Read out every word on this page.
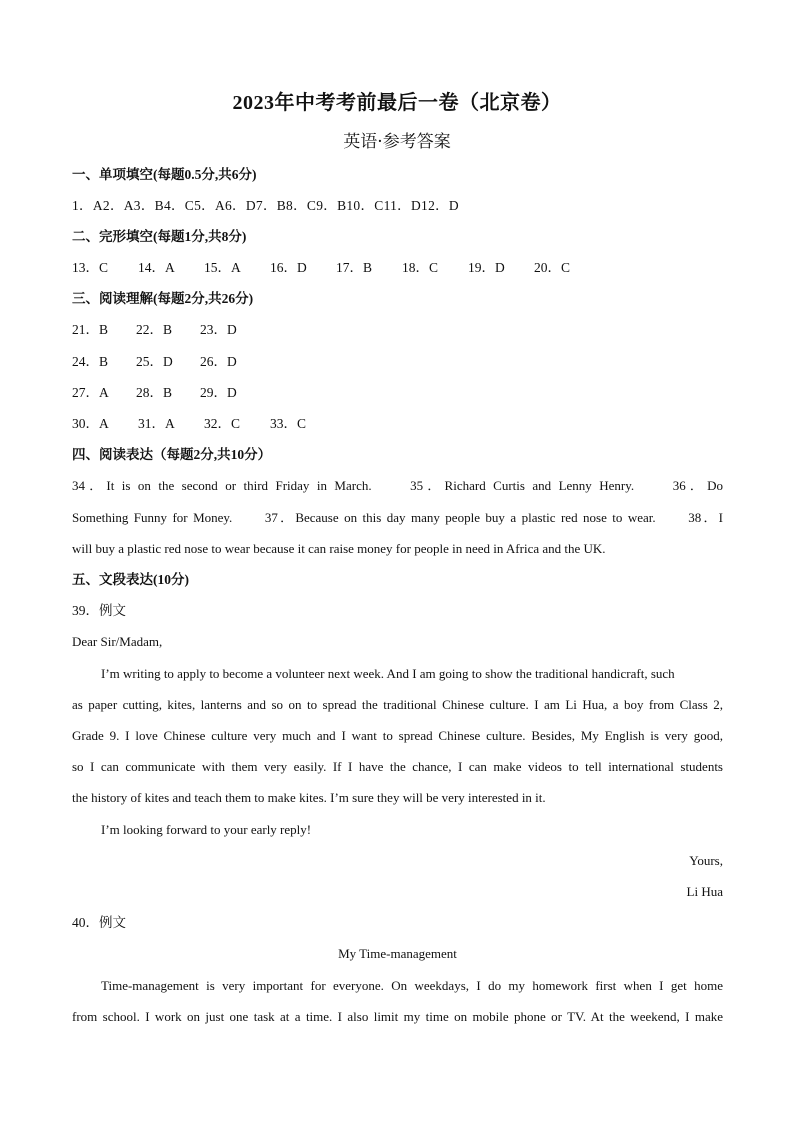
2023年中考考前最后一卷（北京卷）
英语·参考答案
一、单项填空(每题0.5分,共6分)
1．A2．A3．B4．C5．A6．D7．B8．C9．B10．C11．D12．D
二、完形填空(每题1分,共8分)
13．C 14．A 15．A 16．D 17．B 18．C 19．D 20．C
三、阅读理解(每题2分,共26分)
21．B 22．B 23．D
24．B 25．D 26．D
27．A 28．B 29．D
30．A 31．A 32．C 33．C
四、阅读表达（每题2分,共10分）
34．It is on the second or third Friday in March.　　35．Richard Curtis and Lenny Henry.　　36．Do
Something Funny for Money.　　37．Because on this day many people buy a plastic red nose to wear.　　38．I
will buy a plastic red nose to wear because it can raise money for people in need in Africa and the UK.
五、文段表达(10分)
39．例文
Dear Sir/Madam,
I’m writing to apply to become a volunteer next week. And I am going to show the traditional handicraft, such
as paper cutting, kites, lanterns and so on to spread the traditional Chinese culture. I am Li Hua, a boy from Class 2,
Grade 9. I love Chinese culture very much and I want to spread Chinese culture. Besides, My English is very good,
so I can communicate with them very easily. If I have the chance, I can make videos to tell international students
the history of kites and teach them to make kites. I’m sure they will be very interested in it.
I’m looking forward to your early reply!
Yours,
Li Hua
40．例文
My Time-management
Time-management is very important for everyone. On weekdays, I do my homework first when I get home
from school. I work on just one task at a time. I also limit my time on mobile phone or TV. At the weekend, I make
